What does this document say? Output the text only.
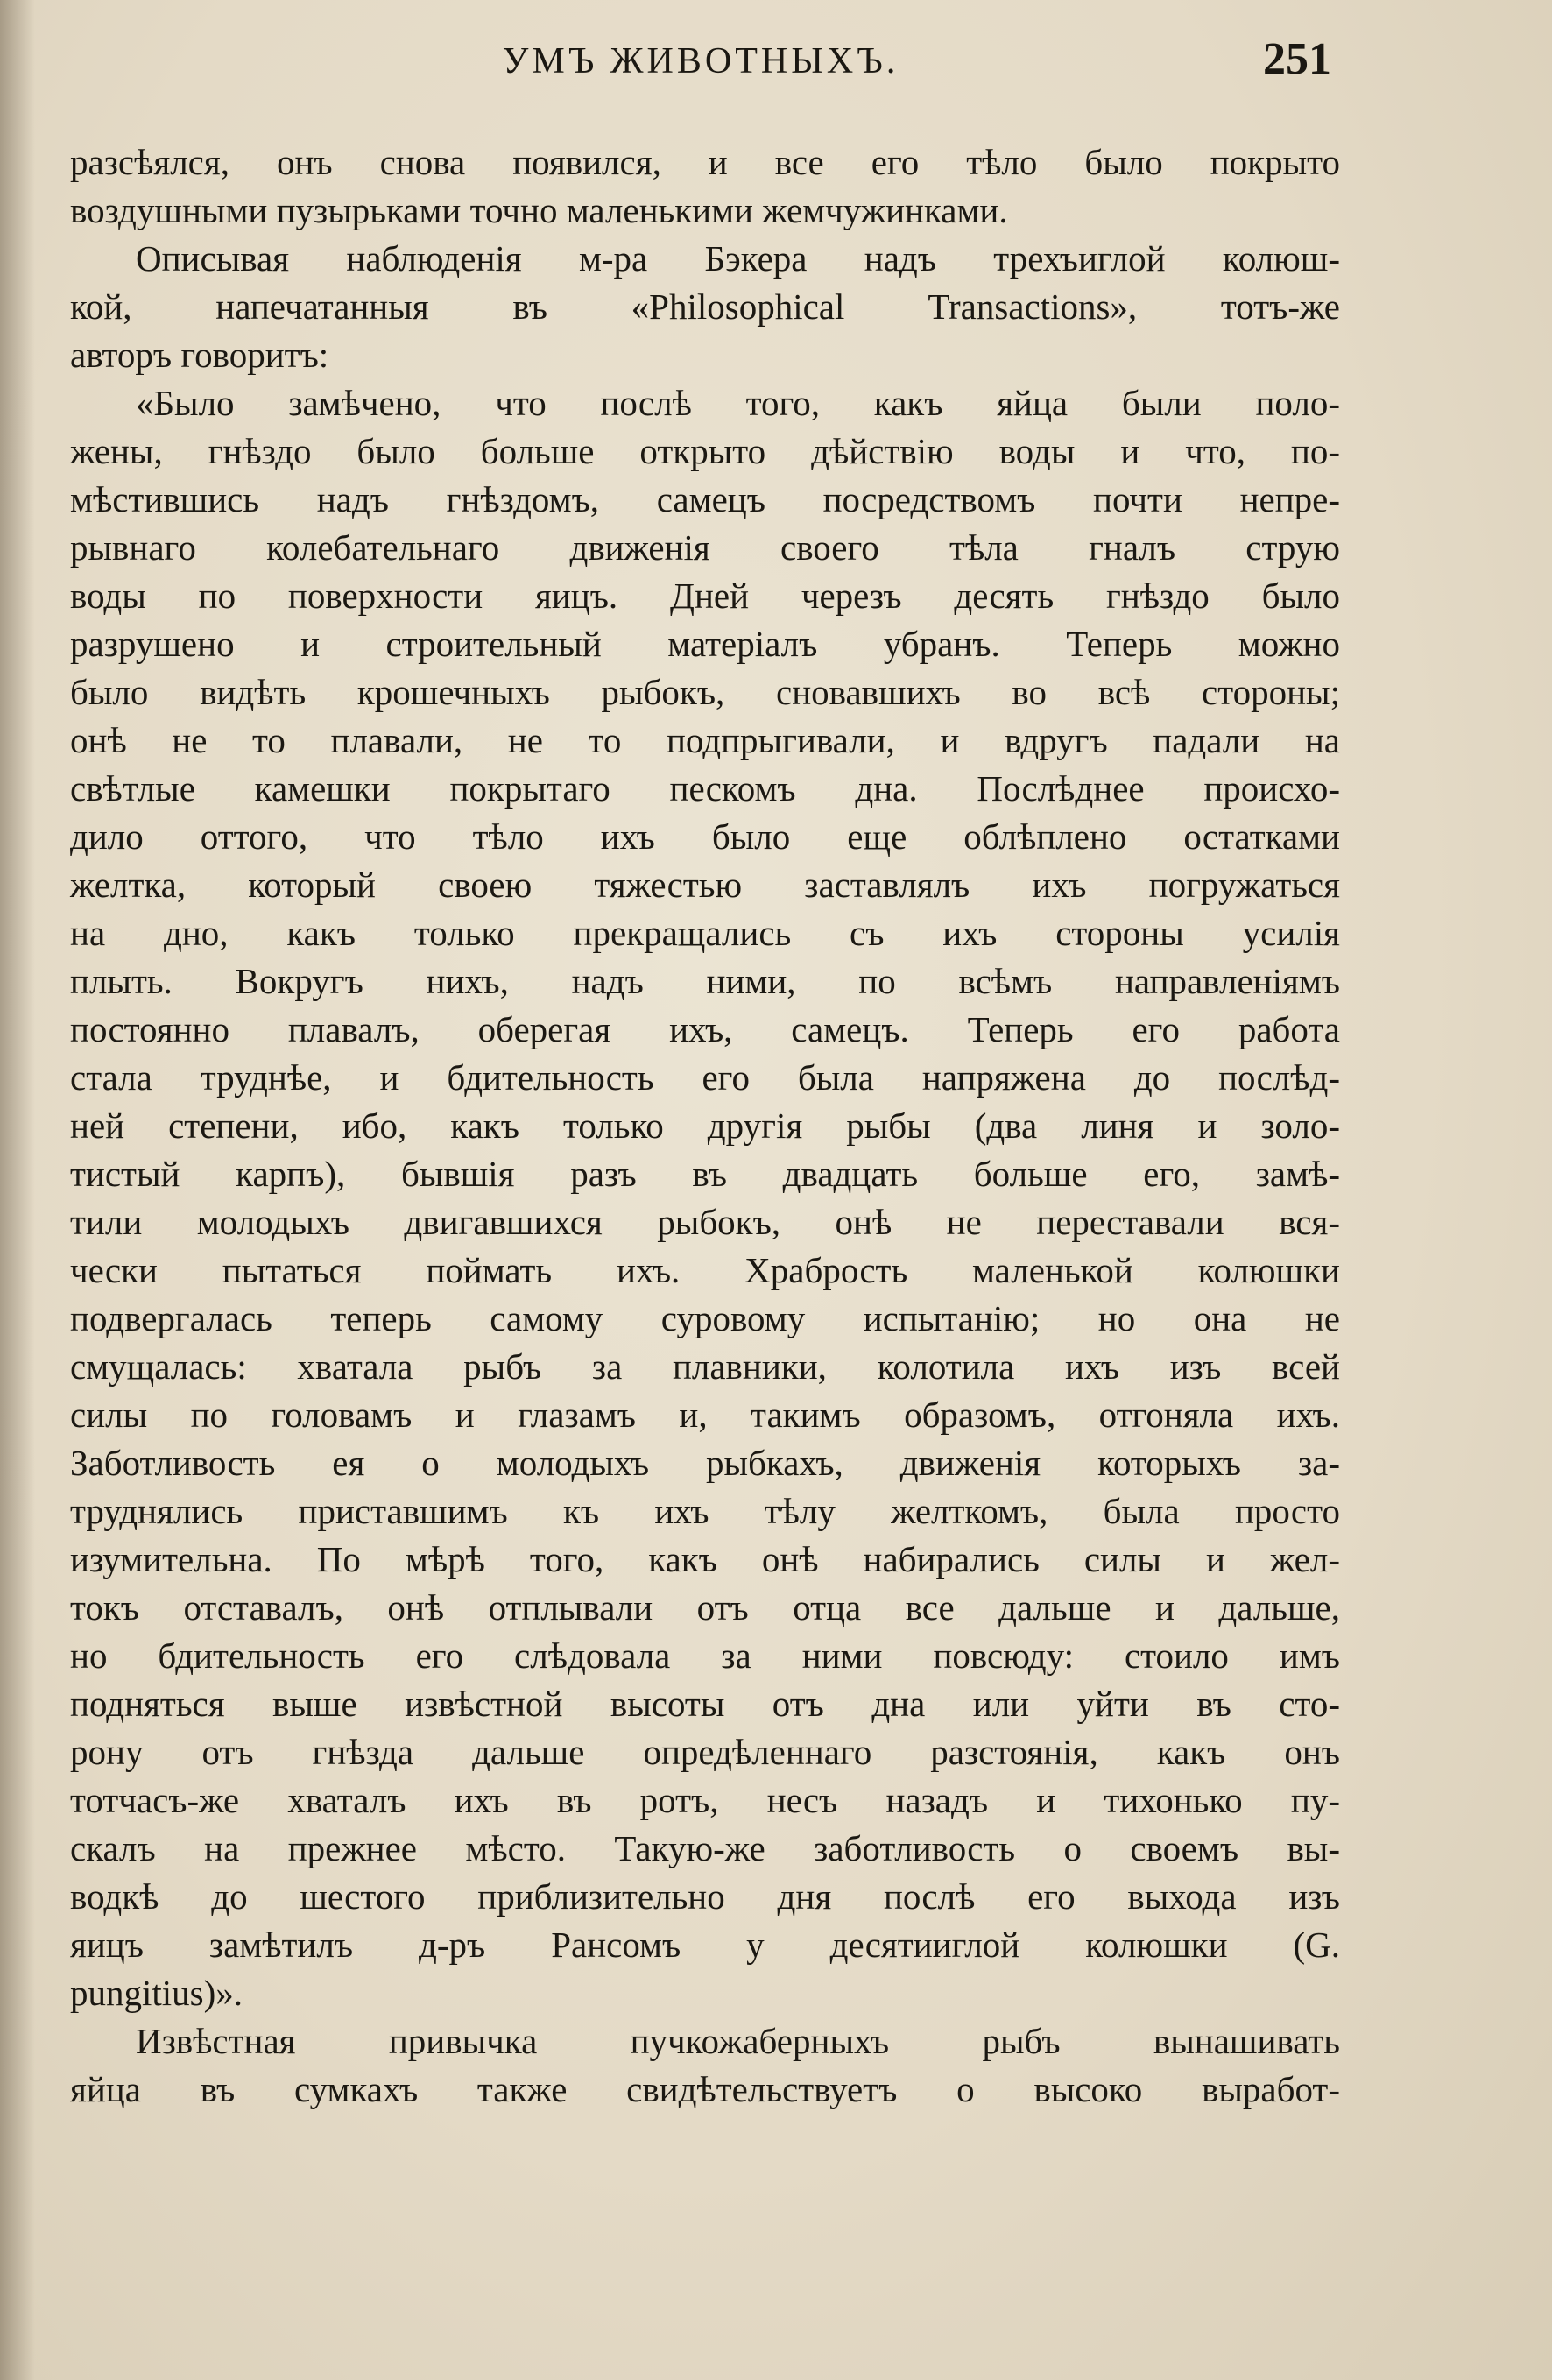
УМЪ ЖИВОТНЫХЪ.	251
разсѣялся, онъ снова появился, и все его тѣло было покрыто
воздушными пузырьками точно маленькими жемчужинками.
Описывая наблюденія м-ра Бэкера надъ трехъиглой колюш-
кой, напечатанныя въ «Philosophical Transactions», тотъ-же
авторъ говоритъ:
«Было замѣчено, что послѣ того, какъ яйца были поло-
жены, гнѣздо было больше открыто дѣйствію воды и что, по-
мѣстившись надъ гнѣздомъ, самецъ посредствомъ почти непре-
рывнаго колебательнаго движенія своего тѣла гналъ струю
воды по поверхности яицъ. Дней черезъ десять гнѣздо было
разрушено и строительный матеріалъ убранъ. Теперь можно
было видѣть крошечныхъ рыбокъ, сновавшихъ во всѣ стороны;
онѣ не то плавали, не то подпрыгивали, и вдругъ падали на
свѣтлые камешки покрытаго пескомъ дна. Послѣднее происхо-
дило оттого, что тѣло ихъ было еще облѣплено остатками
желтка, который своею тяжестью заставлялъ ихъ погружаться
на дно, какъ только прекращались съ ихъ стороны усилія
плыть. Вокругъ нихъ, надъ ними, по всѣмъ направленіямъ
постоянно плавалъ, оберегая ихъ, самецъ. Теперь его работа
стала труднѣе, и бдительность его была напряжена до послѣд-
ней степени, ибо, какъ только другія рыбы (два линя и золо-
тистый карпъ), бывшія разъ въ двадцать больше его, замѣ-
тили молодыхъ двигавшихся рыбокъ, онѣ не переставали вся-
чески пытаться поймать ихъ. Храбрость маленькой колюшки
подвергалась теперь самому суровому испытанію; но она не
смущалась: хватала рыбъ за плавники, колотила ихъ изъ всей
силы по головамъ и глазамъ и, такимъ образомъ, отгоняла ихъ.
Заботливость ея о молодыхъ рыбкахъ, движенія которыхъ за-
труднялись приставшимъ къ ихъ тѣлу желткомъ, была просто
изумительна. По мѣрѣ того, какъ онѣ набирались силы и жел-
токъ отставалъ, онѣ отплывали отъ отца все дальше и дальше,
но бдительность его слѣдовала за ними повсюду: стоило имъ
подняться выше извѣстной высоты отъ дна или уйти въ сто-
рону отъ гнѣзда дальше опредѣленнаго разстоянія, какъ онъ
тотчасъ-же хваталъ ихъ въ ротъ, несъ назадъ и тихонько пу-
скалъ на прежнее мѣсто. Такую-же заботливость о своемъ вы-
водкѣ до шестого приблизительно дня послѣ его выхода изъ
яицъ замѣтилъ д-ръ Рансомъ у десятииглой колюшки (G.
pungitius)».
Извѣстная привычка пучкожаберныхъ рыбъ вынашивать
яйца въ сумкахъ также свидѣтельствуетъ о высоко выработ-
